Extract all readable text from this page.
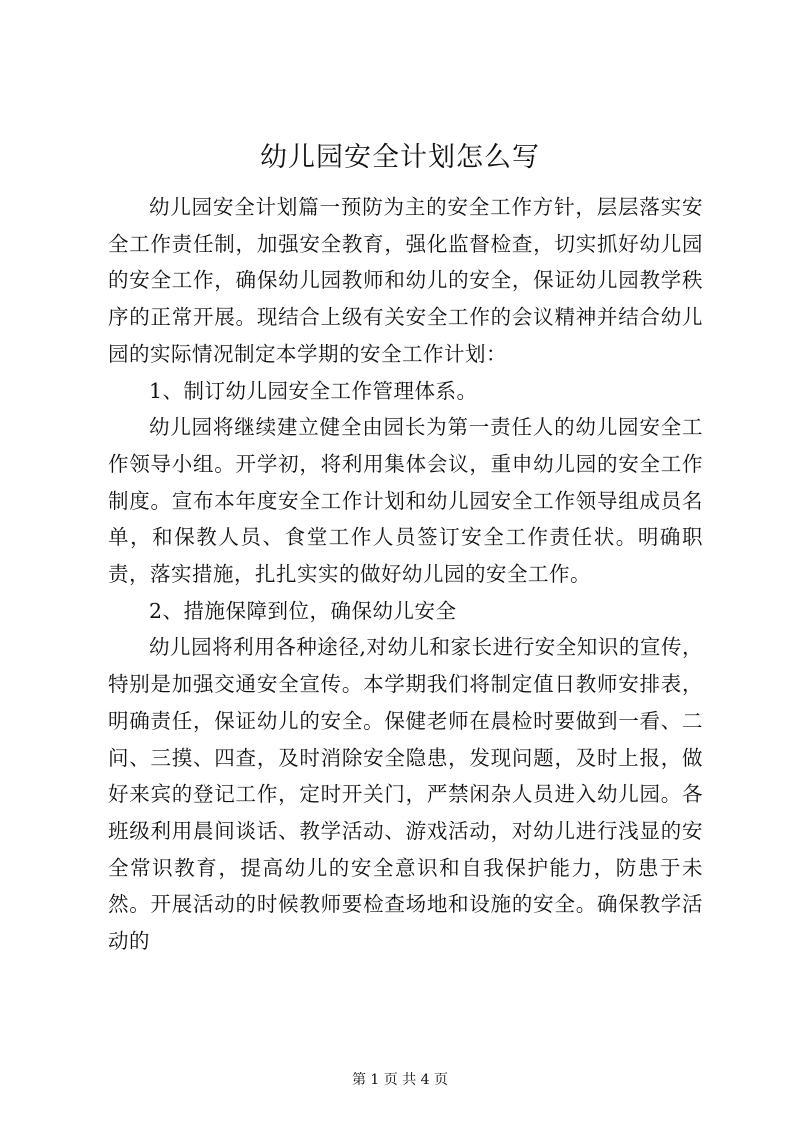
幼儿园安全计划怎么写

幼儿园安全计划篇一预防为主的安全工作方针，层层落实安全工作责任制，加强安全教育，强化监督检查，切实抓好幼儿园的安全工作，确保幼儿园教师和幼儿的安全，保证幼儿园教学秩序的正常开展。现结合上级有关安全工作的会议精神并结合幼儿园的实际情况制定本学期的安全工作计划：

1、制订幼儿园安全工作管理体系。

幼儿园将继续建立健全由园长为第一责任人的幼儿园安全工作领导小组。开学初，将利用集体会议，重申幼儿园的安全工作制度。宣布本年度安全工作计划和幼儿园安全工作领导组成员名单，和保教人员、食堂工作人员签订安全工作责任状。明确职责，落实措施，扎扎实实的做好幼儿园的安全工作。

2、措施保障到位，确保幼儿安全

幼儿园将利用各种途径,对幼儿和家长进行安全知识的宣传，特别是加强交通安全宣传。本学期我们将制定值日教师安排表，明确责任，保证幼儿的安全。保健老师在晨检时要做到一看、二问、三摸、四查，及时消除安全隐患，发现问题，及时上报，做好来宾的登记工作，定时开关门，严禁闲杂人员进入幼儿园。各班级利用晨间谈话、教学活动、游戏活动，对幼儿进行浅显的安全常识教育，提高幼儿的安全意识和自我保护能力，防患于未然。开展活动的时候教师要检查场地和设施的安全。确保教学活动的

第 1 页 共 4 页
